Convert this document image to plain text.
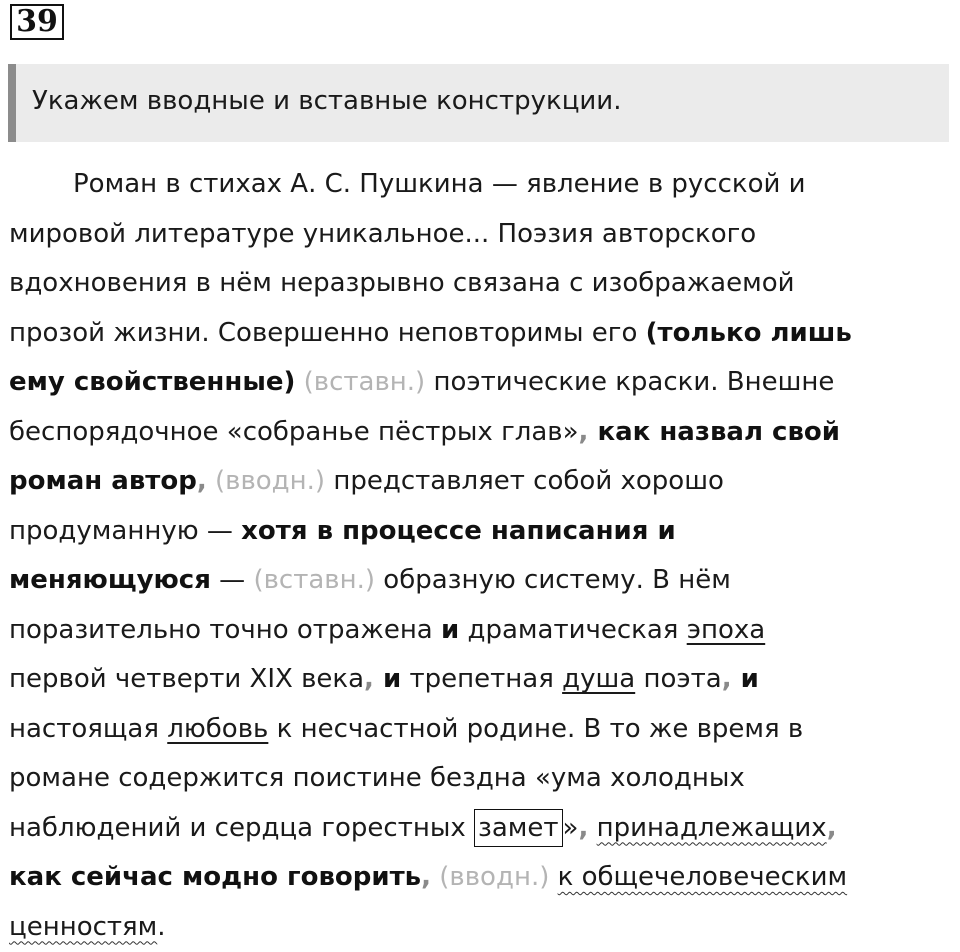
39
Укажем вводные и вставные конструкции.
Роман в стихах А. С. Пушкина — явление в русской и
мировой литературе уникальное... Поэзия авторского
вдохновения в нём неразрывно связана с изображаемой
прозой жизни. Совершенно неповторимы его (только лишь
ему свойственные) (вставн.) поэтические краски. Внешне
беспорядочное «собранье пёстрых глав», как назвал свой
роман автор, (вводн.) представляет собой хорошо
продуманную — хотя в процессе написания и
меняющуюся — (вставн.) образную систему. В нём
поразительно точно отражена и драматическая эпоха
первой четверти XIX века, и трепетная душа поэта, и
настоящая любовь к несчастной родине. В то же время в
романе содержится поистине бездна «ума холодных
наблюдений и сердца горестных замет », принадлежащих,
как сейчас модно говорить, (вводн.) к общечеловеческим
ценностям.
